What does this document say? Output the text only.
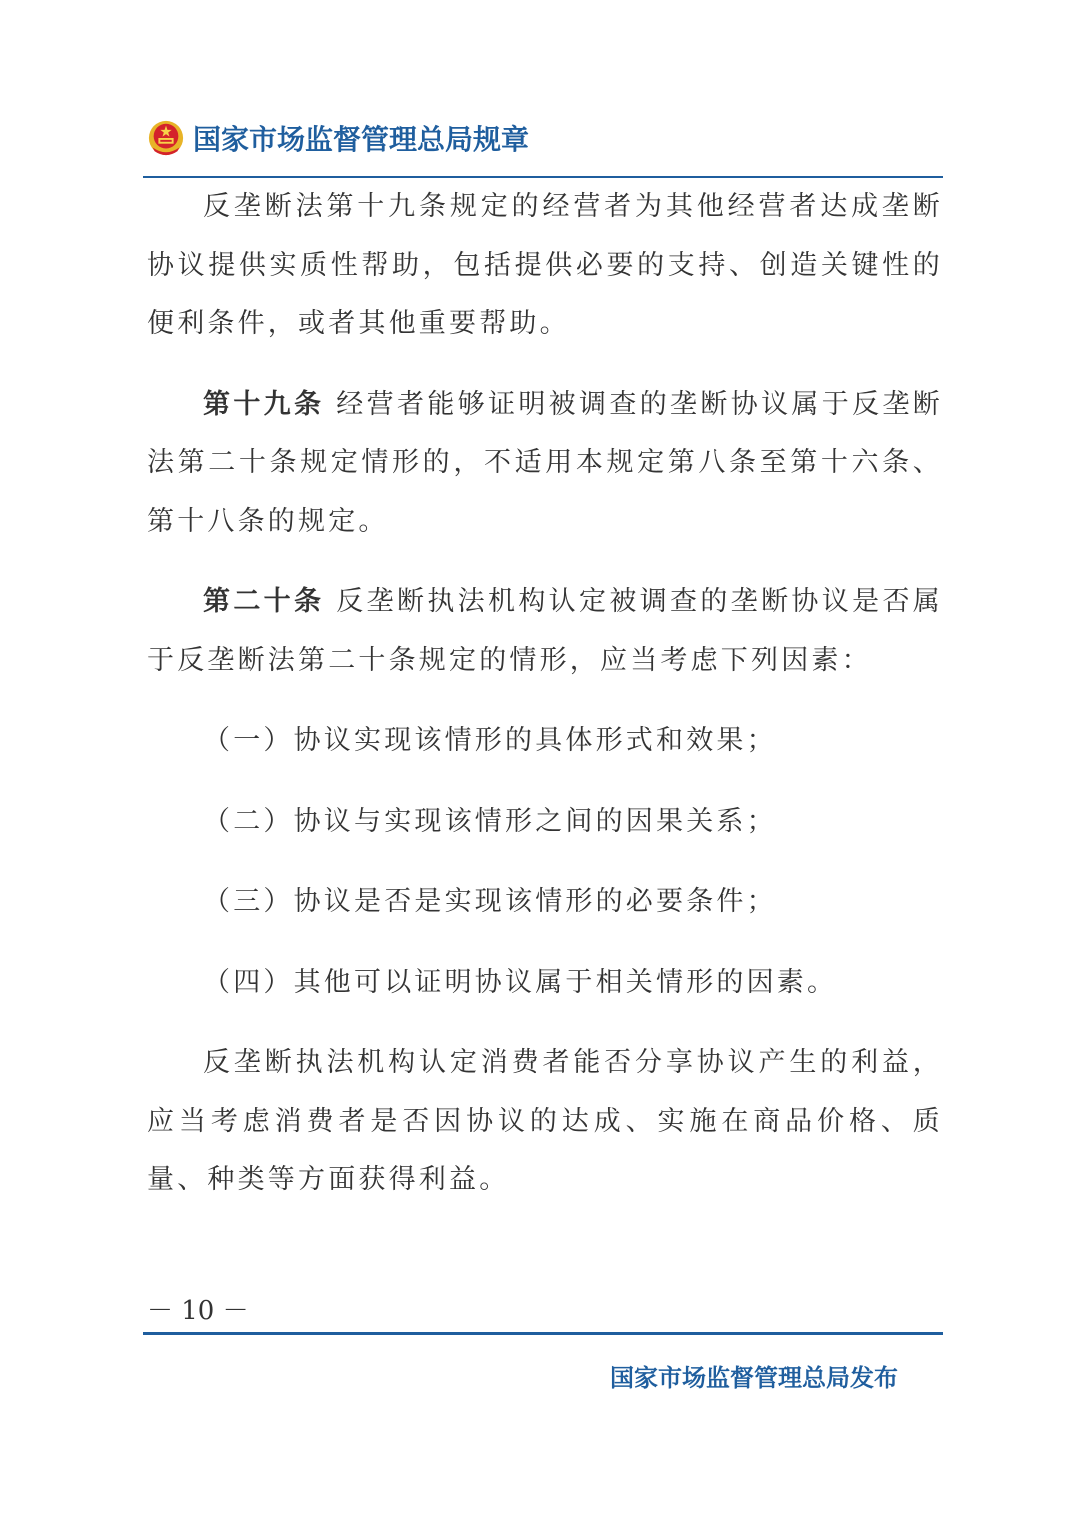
国家市场监督管理总局规章

反垄断法第十九条规定的经营者为其他经营者达成垄断协议提供实质性帮助，包括提供必要的支持、创造关键性的便利条件，或者其他重要帮助。

第十九条 经营者能够证明被调查的垄断协议属于反垄断法第二十条规定情形的，不适用本规定第八条至第十六条、第十八条的规定。

第二十条 反垄断执法机构认定被调查的垄断协议是否属于反垄断法第二十条规定的情形，应当考虑下列因素：

（一）协议实现该情形的具体形式和效果；

（二）协议与实现该情形之间的因果关系；

（三）协议是否是实现该情形的必要条件；

（四）其他可以证明协议属于相关情形的因素。

反垄断执法机构认定消费者能否分享协议产生的利益，应当考虑消费者是否因协议的达成、实施在商品价格、质量、种类等方面获得利益。

－ 10 －
国家市场监督管理总局发布
